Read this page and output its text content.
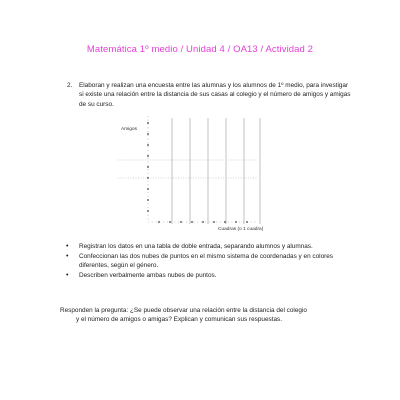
Matemática 1º medio / Unidad 4 / OA13 / Actividad 2
2. Elaboran y realizan una encuesta entre las alumnas y los alumnos de 1º medio, para investigar si existe una relación entre la distancia de sus casas al colegio y el número de amigos y amigas de su curso.
Amigos
Cuadras (o 1 cuadra)
• Registran los datos en una tabla de doble entrada, separando alumnos y alumnas.
• Confeccionan las dos nubes de puntos en el mismo sistema de coordenadas y en colores diferentes, según el género.
• Describen verbalmente ambas nubes de puntos.
Responden la pregunta: ¿Se puede observar una relación entre la distancia del colegio
y el número de amigos o amigas? Explican y comunican sus respuestas.
